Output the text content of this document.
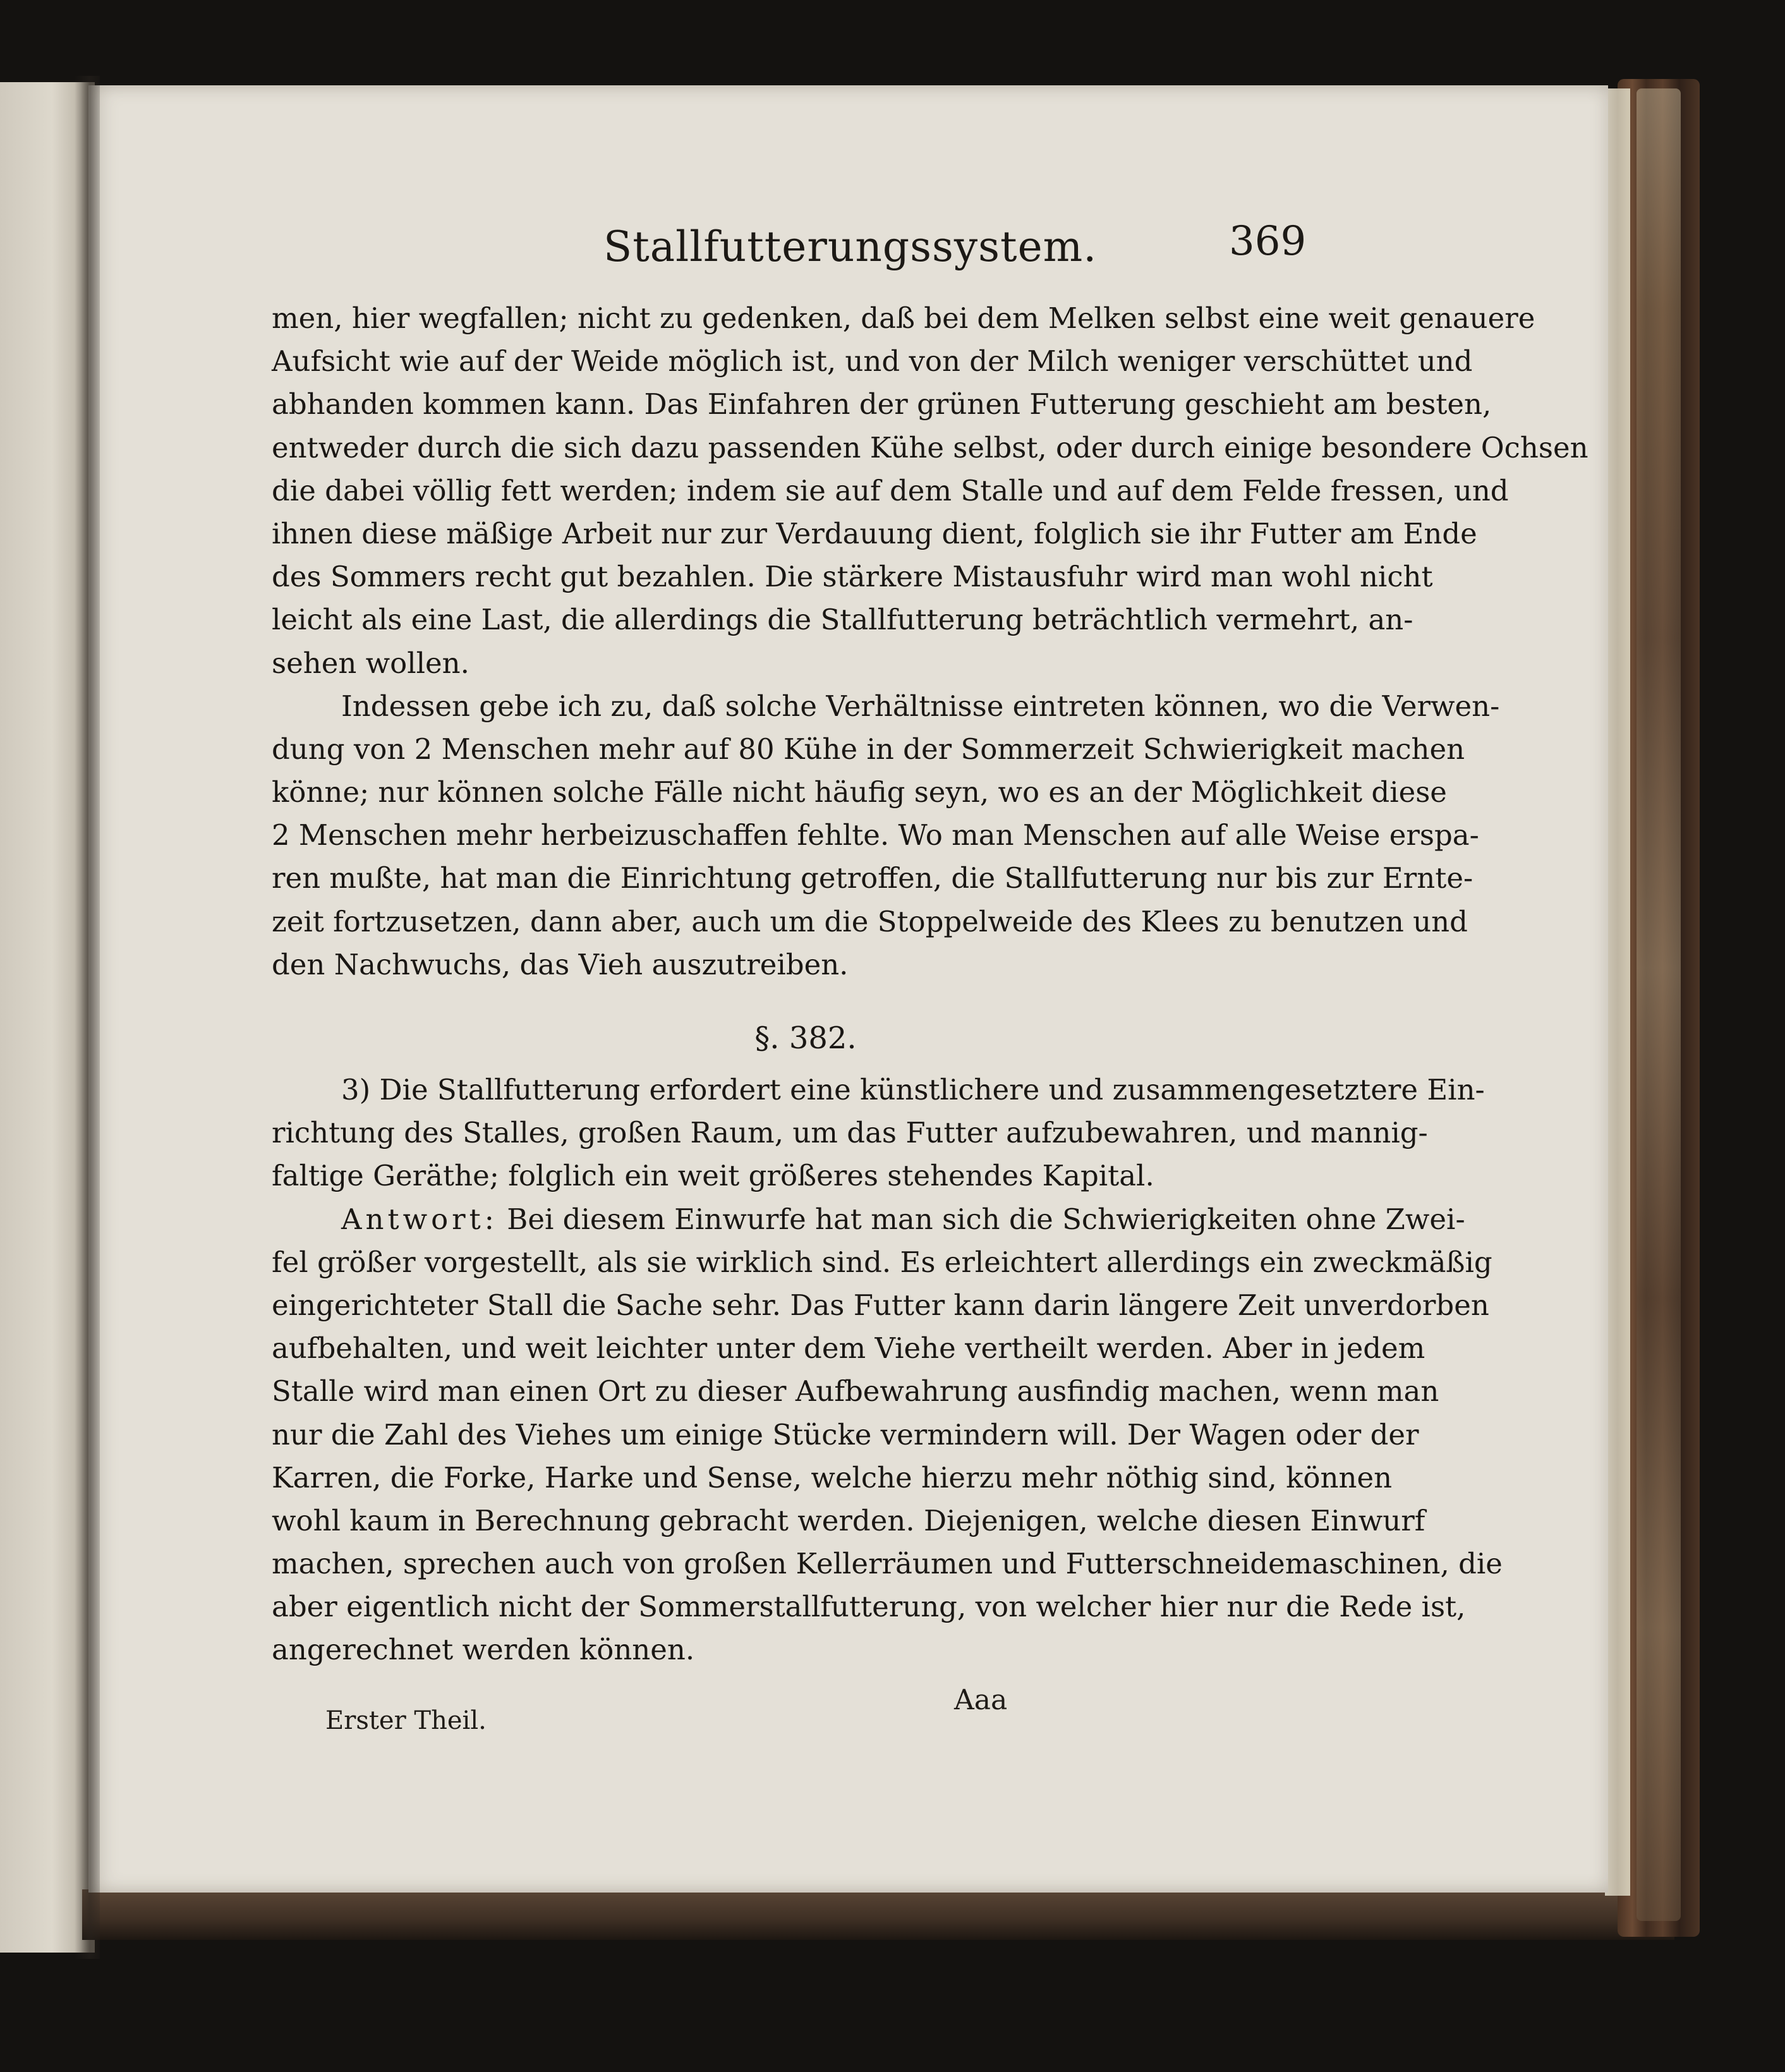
Stallfutterungssystem.	369
men, hier wegfallen; nicht zu gedenken, daß bei dem Melken selbst eine weit genauere
Aufsicht wie auf der Weide möglich ist, und von der Milch weniger verschüttet und
abhanden kommen kann. Das Einfahren der grünen Futterung geschieht am besten,
entweder durch die sich dazu passenden Kühe selbst, oder durch einige besondere Ochsen
die dabei völlig fett werden; indem sie auf dem Stalle und auf dem Felde fressen, und
ihnen diese mäßige Arbeit nur zur Verdauung dient, folglich sie ihr Futter am Ende
des Sommers recht gut bezahlen. Die stärkere Mistausfuhr wird man wohl nicht
leicht als eine Last, die allerdings die Stallfutterung beträchtlich vermehrt, an-
sehen wollen.
Indessen gebe ich zu, daß solche Verhältnisse eintreten können, wo die Verwen-
dung von 2 Menschen mehr auf 80 Kühe in der Sommerzeit Schwierigkeit machen
könne; nur können solche Fälle nicht häufig seyn, wo es an der Möglichkeit diese
2 Menschen mehr herbeizuschaffen fehlte. Wo man Menschen auf alle Weise erspa-
ren mußte, hat man die Einrichtung getroffen, die Stallfutterung nur bis zur Ernte-
zeit fortzusetzen, dann aber, auch um die Stoppelweide des Klees zu benutzen und
den Nachwuchs, das Vieh auszutreiben.
§. 382.
3) Die Stallfutterung erfordert eine künstlichere und zusammengesetztere Ein-
richtung des Stalles, großen Raum, um das Futter aufzubewahren, und mannig-
faltige Geräthe; folglich ein weit größeres stehendes Kapital.
Antwort: Bei diesem Einwurfe hat man sich die Schwierigkeiten ohne Zwei-
fel größer vorgestellt, als sie wirklich sind. Es erleichtert allerdings ein zweckmäßig
eingerichteter Stall die Sache sehr. Das Futter kann darin längere Zeit unverdorben
aufbehalten, und weit leichter unter dem Viehe vertheilt werden. Aber in jedem
Stalle wird man einen Ort zu dieser Aufbewahrung ausfindig machen, wenn man
nur die Zahl des Viehes um einige Stücke vermindern will. Der Wagen oder der
Karren, die Forke, Harke und Sense, welche hierzu mehr nöthig sind, können
wohl kaum in Berechnung gebracht werden. Diejenigen, welche diesen Einwurf
machen, sprechen auch von großen Kellerräumen und Futterschneidemaschinen, die
aber eigentlich nicht der Sommerstallfutterung, von welcher hier nur die Rede ist,
angerechnet werden können.
Aaa
Erster Theil.
